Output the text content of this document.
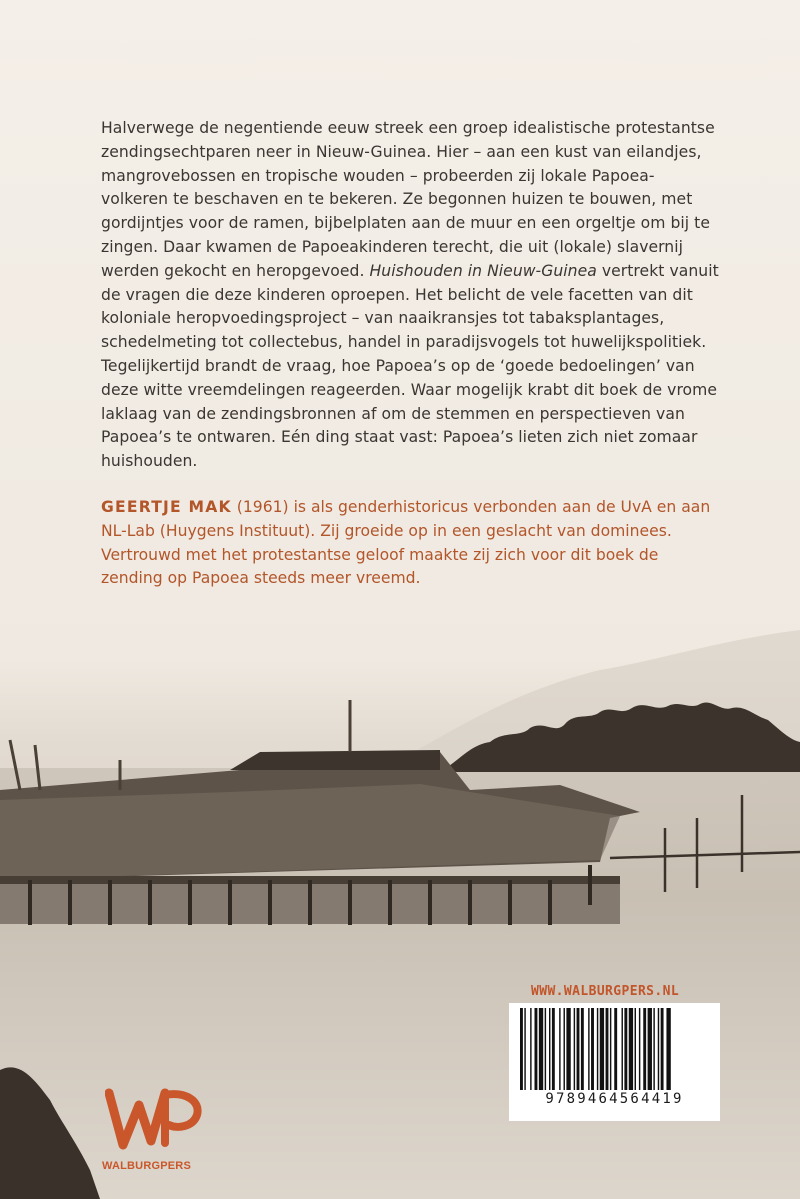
Halverwege de negentiende eeuw streek een groep idealistische protestantse zendingsechtparen neer in Nieuw-Guinea. Hier – aan een kust van eilandjes, mangrovebossen en tropische wouden – probeerden zij lokale Papoea-volkeren te beschaven en te bekeren. Ze begonnen huizen te bouwen, met gordijntjes voor de ramen, bijbelplaten aan de muur en een orgeltje om bij te zingen. Daar kwamen de Papoeakinderen terecht, die uit (lokale) slavernij werden gekocht en heropgevoed. Huishouden in Nieuw-Guinea vertrekt vanuit de vragen die deze kinderen oproepen. Het belicht de vele facetten van dit koloniale heropvoedingsproject – van naaikransjes tot tabaksplantages, schedelmeting tot collectebus, handel in paradijsvogels tot huwelijkspolitiek. Tegelijkertijd brandt de vraag, hoe Papoea’s op de ‘goede bedoelingen’ van deze witte vreemdelingen reageerden. Waar mogelijk krabt dit boek de vrome laklaag van de zendingsbronnen af om de stemmen en perspectieven van Papoea’s te ontwaren. Eén ding staat vast: Papoea’s lieten zich niet zomaar huishouden.

GEERTJE MAK (1961) is als genderhistoricus verbonden aan de UvA en aan NL-Lab (Huygens Instituut). Zij groeide op in een geslacht van dominees. Vertrouwd met het protestantse geloof maakte zij zich voor dit boek de zending op Papoea steeds meer vreemd.

WWW.WALBURGPERS.NL
9789464564419
WALBURGPERS
